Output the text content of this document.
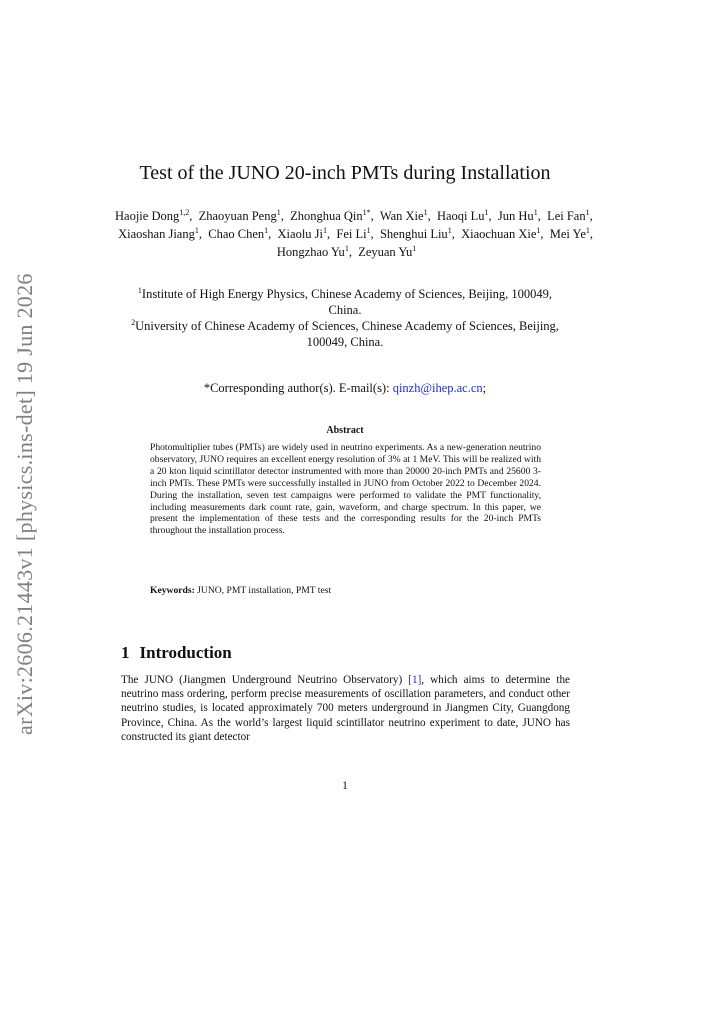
arXiv:2606.21443v1 [physics.ins-det] 19 Jun 2026
Test of the JUNO 20-inch PMTs during Installation
Haojie Dong$^{1,2}$, Zhaoyuan Peng$^1$, Zhonghua Qin$^{1*}$, Wan Xie$^1$, Haoqi Lu$^1$, Jun Hu$^1$, Lei Fan$^1$,  Xiaoshan Jiang$^1$, Chao Chen$^1$, Xiaolu Ji$^1$, Fei Li$^1$, Shenghui Liu$^1$, Xiaochuan Xie$^1$, Mei Ye$^1$,  Hongzhao Yu$^1$, Zeyuan Yu$^1$
$^1$Institute of High Energy Physics, Chinese Academy of Sciences, Beijing, 100049, China.
$^2$University of Chinese Academy of Sciences, Chinese Academy of Sciences, Beijing, 100049, China.
*Corresponding author(s). E-mail(s): qinzh@ihep.ac.cn;
Abstract

Photomultiplier tubes (PMTs) are widely used in neutrino experiments. As a new-generation neutrino observatory, JUNO requires an excellent energy resolution of 3% at 1 MeV. This will be realized with a 20 kton liquid scintillator detector instrumented with more than 20000 20-inch PMTs and 25600 3-inch PMTs. These PMTs were successfully installed in JUNO from October 2022 to December 2024. During the installation, seven test campaigns were performed to validate the PMT functionality, including measurements dark count rate, gain, waveform, and charge spectrum. In this paper, we present the implementation of these tests and the corresponding results for the 20-inch PMTs throughout the installation process.

Keywords: JUNO, PMT installation, PMT test
1 Introduction

The JUNO (Jiangmen Underground Neutrino Observatory) [1], which aims to determine the neutrino mass ordering, perform precise measurements of oscillation parameters, and conduct other neutrino studies, is located approximately 700 meters underground in Jiangmen City, Guangdong Province, China. As the world’s largest liquid scintillator neutrino experiment to date, JUNO has constructed its giant detector

1
